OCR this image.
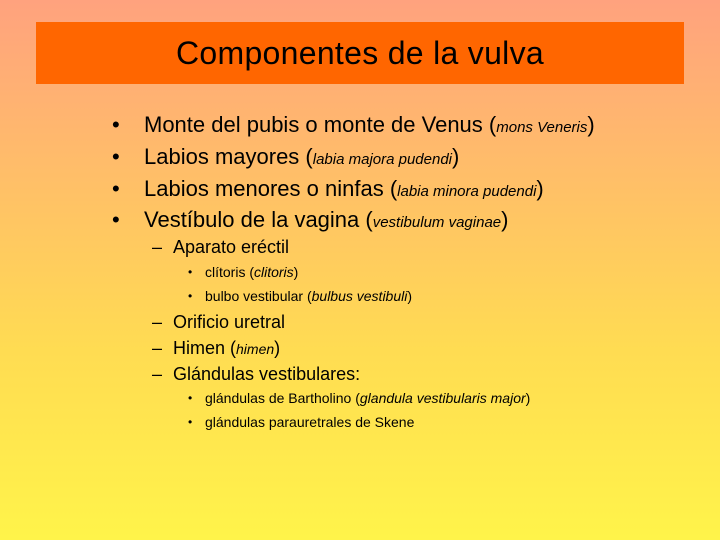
Componentes de la vulva
• Monte del pubis o monte de Venus (mons Veneris)
• Labios mayores (labia majora pudendi)
• Labios menores o ninfas (labia minora pudendi)
• Vestíbulo de la vagina (vestibulum vaginae)
– Aparato eréctil
• clítoris (clitoris)
• bulbo vestibular (bulbus vestibuli)
– Orificio uretral
– Himen (himen)
– Glándulas vestibulares:
• glándulas de Bartholino (glandula vestibularis major)
• glándulas parauretrales de Skene
